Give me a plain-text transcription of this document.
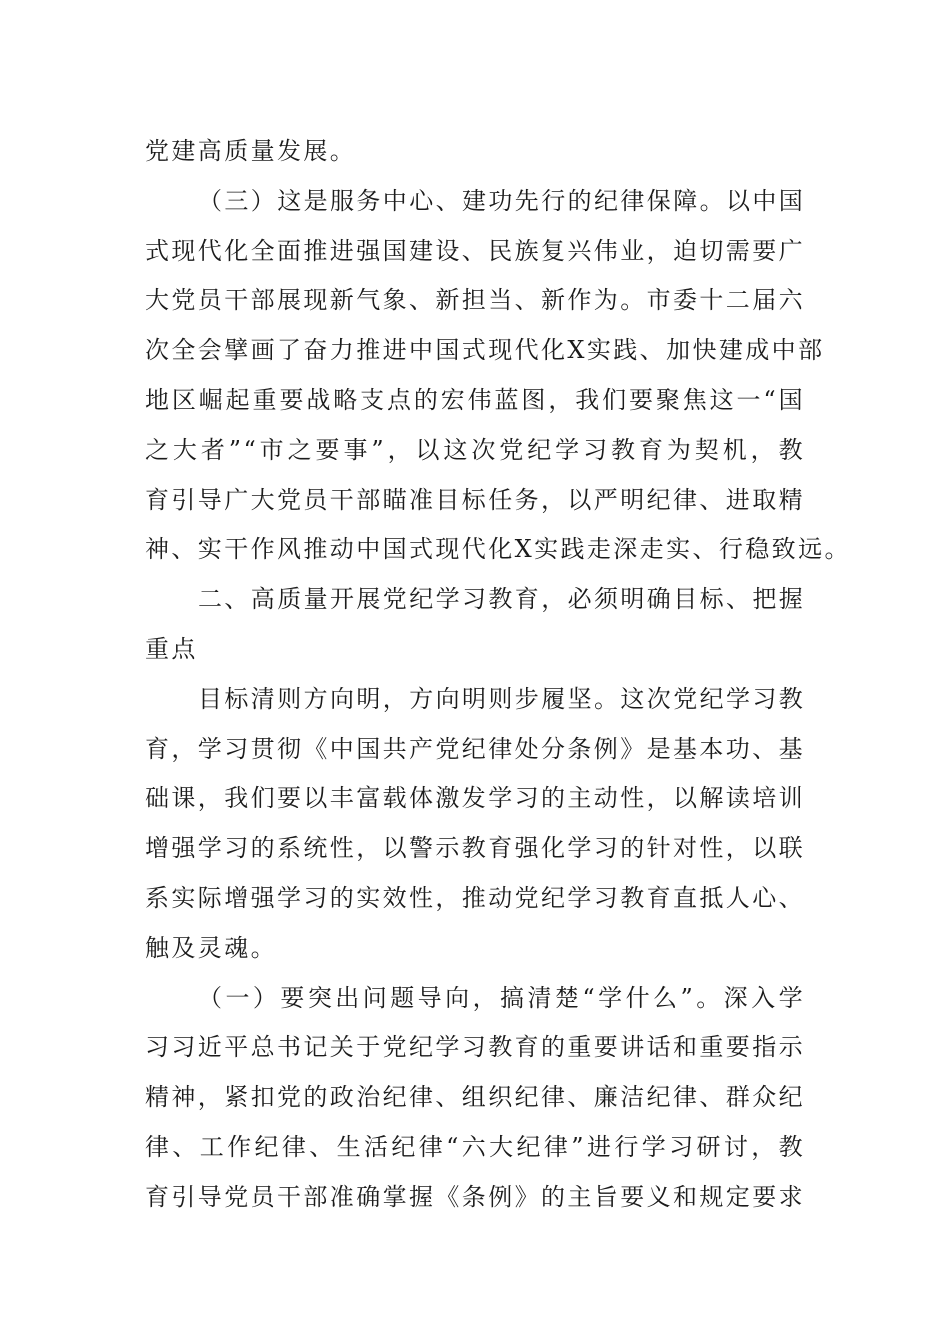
党建高质量发展。
（三）这是服务中心、建功先行的纪律保障。以中国
式现代化全面推进强国建设、民族复兴伟业，迫切需要广
大党员干部展现新气象、新担当、新作为。市委十二届六
次全会擘画了奋力推进中国式现代化X实践、加快建成中部
地区崛起重要战略支点的宏伟蓝图，我们要聚焦这一“国
之大者”“市之要事”，以这次党纪学习教育为契机，教
育引导广大党员干部瞄准目标任务，以严明纪律、进取精
神、实干作风推动中国式现代化X实践走深走实、行稳致远。
二、高质量开展党纪学习教育，必须明确目标、把握
重点
目标清则方向明，方向明则步履坚。这次党纪学习教
育，学习贯彻《中国共产党纪律处分条例》是基本功、基
础课，我们要以丰富载体激发学习的主动性，以解读培训
增强学习的系统性，以警示教育强化学习的针对性，以联
系实际增强学习的实效性，推动党纪学习教育直抵人心、
触及灵魂。
（一）要突出问题导向，搞清楚“学什么”。深入学
习习近平总书记关于党纪学习教育的重要讲话和重要指示
精神，紧扣党的政治纪律、组织纪律、廉洁纪律、群众纪
律、工作纪律、生活纪律“六大纪律”进行学习研讨，教
育引导党员干部准确掌握《条例》的主旨要义和规定要求
